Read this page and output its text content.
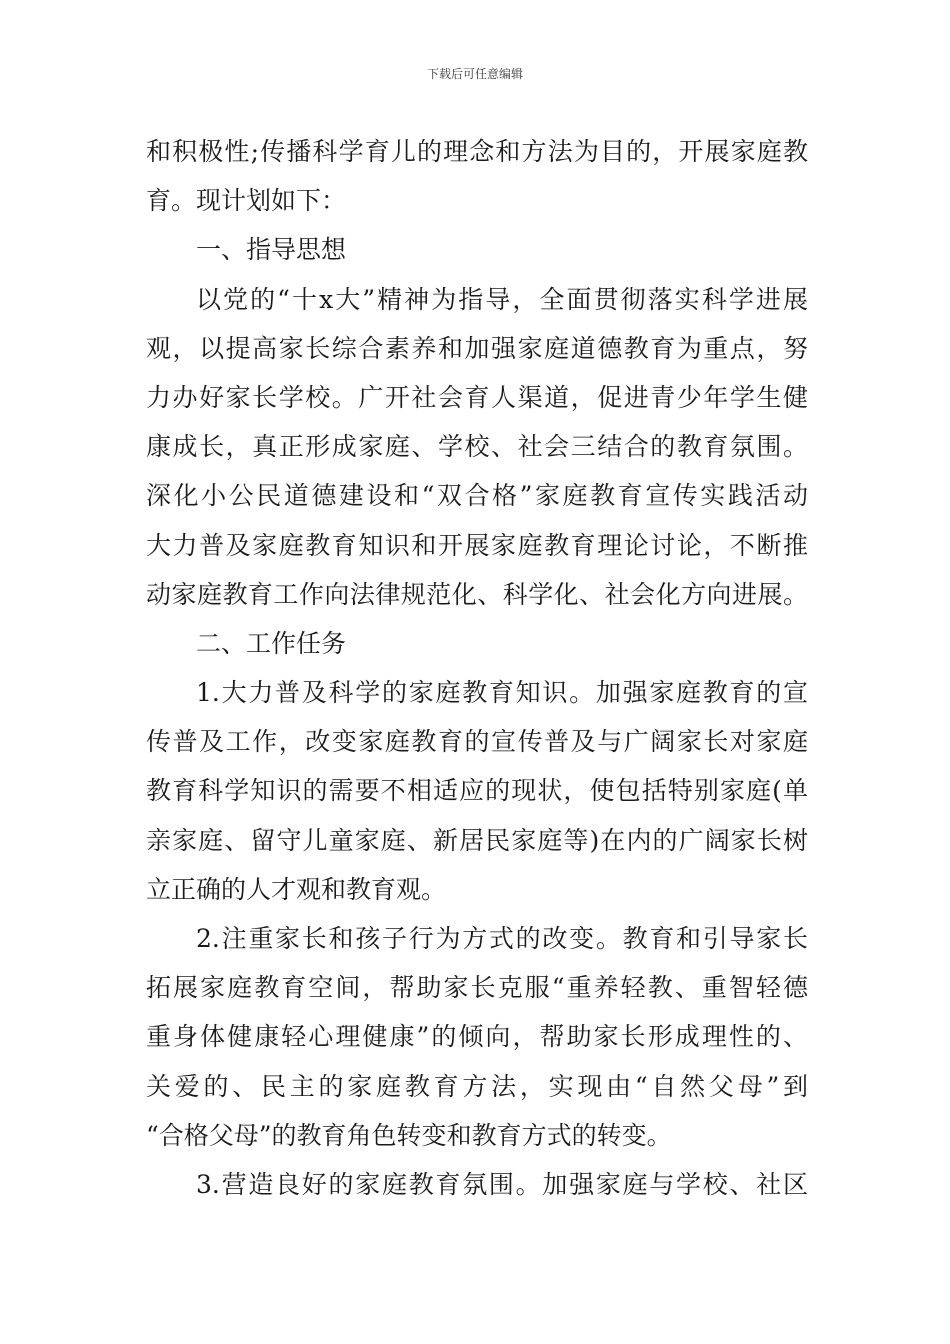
下载后可任意编辑
和积极性;传播科学育儿的理念和方法为目的，开展家庭教
育。现计划如下：
一、指导思想
以党的“十x大”精神为指导，全面贯彻落实科学进展
观，以提高家长综合素养和加强家庭道德教育为重点，努
力办好家长学校。广开社会育人渠道，促进青少年学生健
康成长，真正形成家庭、学校、社会三结合的教育氛围。
深化小公民道德建设和“双合格”家庭教育宣传实践活动
大力普及家庭教育知识和开展家庭教育理论讨论，不断推
动家庭教育工作向法律规范化、科学化、社会化方向进展。
二、工作任务
1.大力普及科学的家庭教育知识。加强家庭教育的宣
传普及工作，改变家庭教育的宣传普及与广阔家长对家庭
教育科学知识的需要不相适应的现状，使包括特别家庭(单
亲家庭、留守儿童家庭、新居民家庭等)在内的广阔家长树
立正确的人才观和教育观。
2.注重家长和孩子行为方式的改变。教育和引导家长
拓展家庭教育空间，帮助家长克服“重养轻教、重智轻德
重身体健康轻心理健康”的倾向，帮助家长形成理性的、
关爱的、民主的家庭教育方法，实现由“自然父母”到
“合格父母”的教育角色转变和教育方式的转变。
3.营造良好的家庭教育氛围。加强家庭与学校、社区
